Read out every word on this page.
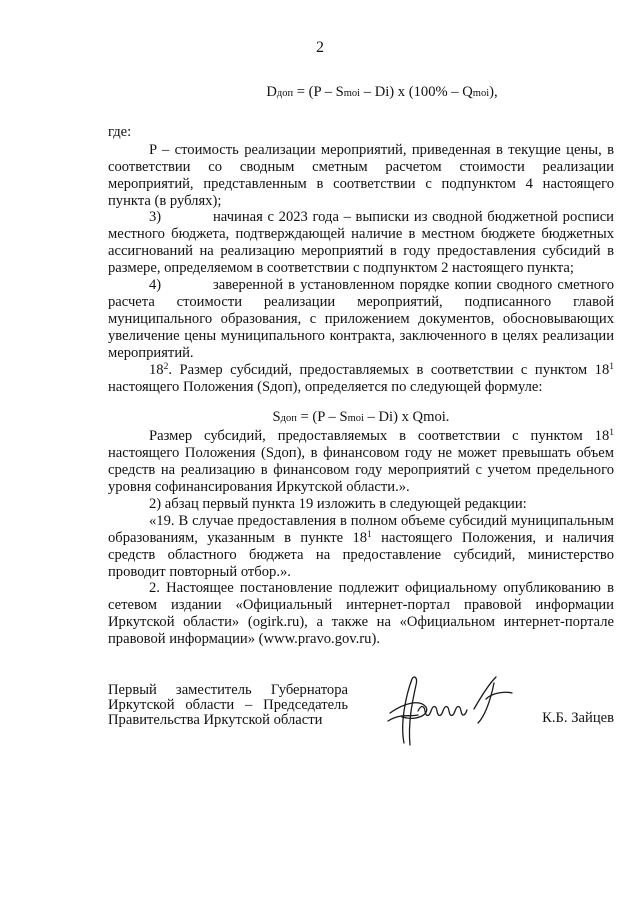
2

Dдоп = (P – Smoi – Di) x (100% – Qmoi),

где:

P – стоимость реализации мероприятий, приведенная в текущие цены, в соответствии со сводным сметным расчетом стоимости реализации мероприятий, представленным в соответствии с подпунктом 4 настоящего пункта (в рублях);

3)	начиная с 2023 года – выписки из сводной бюджетной росписи местного бюджета, подтверждающей наличие в местном бюджете бюджетных ассигнований на реализацию мероприятий в году предоставления субсидий в размере, определяемом в соответствии с подпунктом 2 настоящего пункта;

4)	заверенной в установленном порядке копии сводного сметного расчета стоимости реализации мероприятий, подписанного главой муниципального образования, с приложением документов, обосновывающих увеличение цены муниципального контракта, заключенного в целях реализации мероприятий.

$18^2$. Размер субсидий, предоставляемых в соответствии с пунктом $18^1$ настоящего Положения (Sдоп), определяется по следующей формуле:

Sдоп = (P – Smoi – Di) x Qmoi.

Размер субсидий, предоставляемых в соответствии с пунктом $18^1$ настоящего Положения (Sдоп), в финансовом году не может превышать объем средств на реализацию в финансовом году мероприятий с учетом предельного уровня софинансирования Иркутской области.».

2) абзац первый пункта 19 изложить в следующей редакции:

«19. В случае предоставления в полном объеме субсидий муниципальным образованиям, указанным в пункте $18^1$ настоящего Положения, и наличия средств областного бюджета на предоставление субсидий, министерство проводит повторный отбор.».

2. Настоящее постановление подлежит официальному опубликованию в сетевом издании «Официальный интернет-портал правовой информации Иркутской области» (ogirk.ru), а также на «Официальном интернет-портале правовой информации» (www.pravo.gov.ru).

Первый заместитель Губернатора
Иркутской области – Председатель
Правительства Иркутской области	К.Б. Зайцев
